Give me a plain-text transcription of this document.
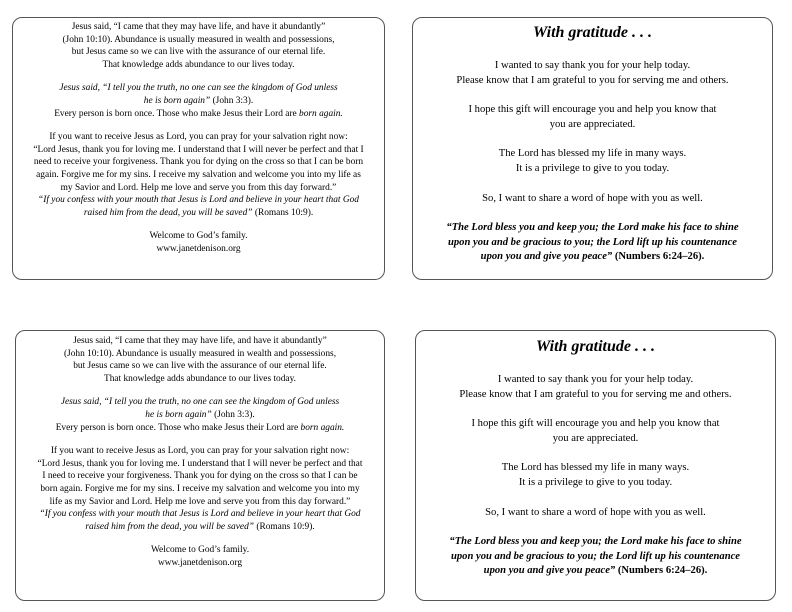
Jesus said, “I came that they may have life, and have it abundantly”
(John 10:10). Abundance is usually measured in wealth and possessions,
but Jesus came so we can live with the assurance of our eternal life.
That knowledge adds abundance to our lives today.

Jesus said, “I tell you the truth, no one can see the kingdom of God unless
he is born again” (John 3:3).
Every person is born once. Those who make Jesus their Lord are born again.

If you want to receive Jesus as Lord, you can pray for your salvation right now:
“Lord Jesus, thank you for loving me. I understand that I will never be perfect and that I
need to receive your forgiveness. Thank you for dying on the cross so that I can be born
again. Forgive me for my sins. I receive my salvation and welcome you into my life as
my Savior and Lord. Help me love and serve you from this day forward.”
“If you confess with your mouth that Jesus is Lord and believe in your heart that God
raised him from the dead, you will be saved” (Romans 10:9).

Welcome to God’s family.
www.janetdenison.org

With gratitude . . .

I wanted to say thank you for your help today.
Please know that I am grateful to you for serving me and others.

I hope this gift will encourage you and help you know that
you are appreciated.

The Lord has blessed my life in many ways.
It is a privilege to give to you today.

So, I want to share a word of hope with you as well.

“The Lord bless you and keep you; the Lord make his face to shine
upon you and be gracious to you; the Lord lift up his countenance
upon you and give you peace” (Numbers 6:24–26).

Jesus said, “I came that they may have life, and have it abundantly”
(John 10:10). Abundance is usually measured in wealth and possessions,
but Jesus came so we can live with the assurance of our eternal life.
That knowledge adds abundance to our lives today.

Jesus said, “I tell you the truth, no one can see the kingdom of God unless
he is born again” (John 3:3).
Every person is born once. Those who make Jesus their Lord are born again.

If you want to receive Jesus as Lord, you can pray for your salvation right now:
“Lord Jesus, thank you for loving me. I understand that I will never be perfect and that
I need to receive your forgiveness. Thank you for dying on the cross so that I can be
born again. Forgive me for my sins. I receive my salvation and welcome you into my
life as my Savior and Lord. Help me love and serve you from this day forward.”
“If you confess with your mouth that Jesus is Lord and believe in your heart that God
raised him from the dead, you will be saved” (Romans 10:9).

Welcome to God’s family.
www.janetdenison.org

With gratitude . . .

I wanted to say thank you for your help today.
Please know that I am grateful to you for serving me and others.

I hope this gift will encourage you and help you know that
you are appreciated.

The Lord has blessed my life in many ways.
It is a privilege to give to you today.

So, I want to share a word of hope with you as well.

“The Lord bless you and keep you; the Lord make his face to shine
upon you and be gracious to you; the Lord lift up his countenance
upon you and give you peace” (Numbers 6:24–26).
